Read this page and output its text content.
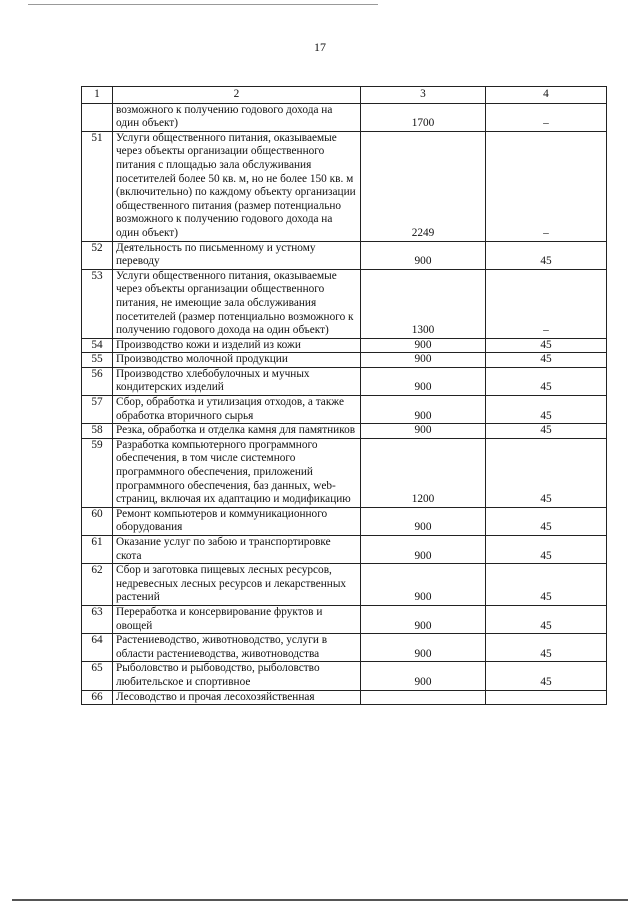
17
1	2	3	4
	возможного к получению годового дохода на один объект)	1700	–
51	Услуги общественного питания, оказываемые через объекты организации общественного питания с площадью зала обслуживания посетителей более 50 кв. м, но не более 150 кв. м (включительно) по каждому объекту организации общественного питания (размер потенциально возможного к получению годового дохода на один объект)	2249	–
52	Деятельность по письменному и устному переводу	900	45
53	Услуги общественного питания, оказываемые через объекты организации общественного питания, не имеющие зала обслуживания посетителей (размер потенциально возможного к получению годового дохода на один объект)	1300	–
54	Производство кожи и изделий из кожи	900	45
55	Производство молочной продукции	900	45
56	Производство хлебобулочных и мучных кондитерских изделий	900	45
57	Сбор, обработка и утилизация отходов, а также обработка вторичного сырья	900	45
58	Резка, обработка и отделка камня для памятников	900	45
59	Разработка компьютерного программного обеспечения, в том числе системного программного обеспечения, приложений программного обеспечения, баз данных, web-страниц, включая их адаптацию и модификацию	1200	45
60	Ремонт компьютеров и коммуникационного оборудования	900	45
61	Оказание услуг по забою и транспортировке скота	900	45
62	Сбор и заготовка пищевых лесных ресурсов, недревесных лесных ресурсов и лекарственных растений	900	45
63	Переработка и консервирование фруктов и овощей	900	45
64	Растениеводство, животноводство, услуги в области растениеводства, животноводства	900	45
65	Рыболовство и рыбоводство, рыболовство любительское и спортивное	900	45
66	Лесоводство и прочая лесохозяйственная		
